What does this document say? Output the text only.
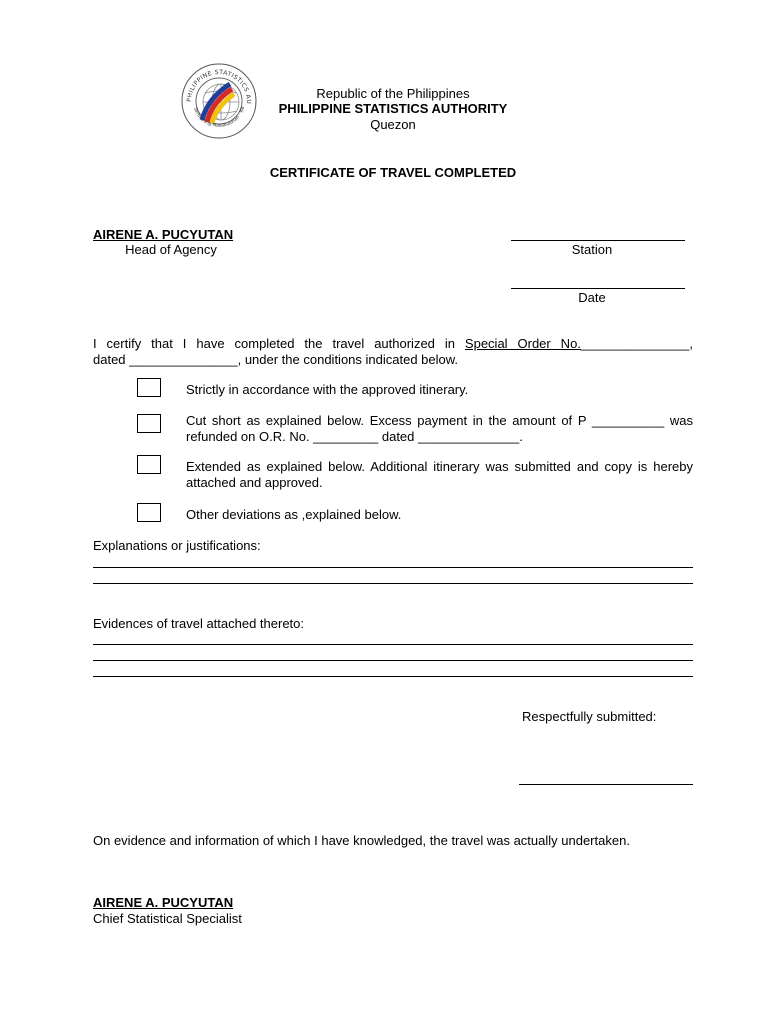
PHILIPPINE STATISTICS AU
Serbisyong Makabuluhan · Wa
Republic of the Philippines
PHILIPPINE STATISTICS AUTHORITY
Quezon
CERTIFICATE OF TRAVEL COMPLETED
AIRENE A. PUCYUTAN
Head of Agency	Station
Date
I certify that I have completed the travel authorized in Special Order No._______________,
dated _______________, under the conditions indicated below.
Strictly in accordance with the approved itinerary.
Cut short as explained below. Excess payment in the amount of P __________ was refunded on O.R. No. _________ dated ______________.
Extended as explained below. Additional itinerary was submitted and copy is hereby attached and approved.
Other deviations as ,explained below.
Explanations or justifications:
Evidences of travel attached thereto:
Respectfully submitted:
On evidence and information of which I have knowledged, the travel was actually undertaken.
AIRENE A. PUCYUTAN
Chief Statistical Specialist
